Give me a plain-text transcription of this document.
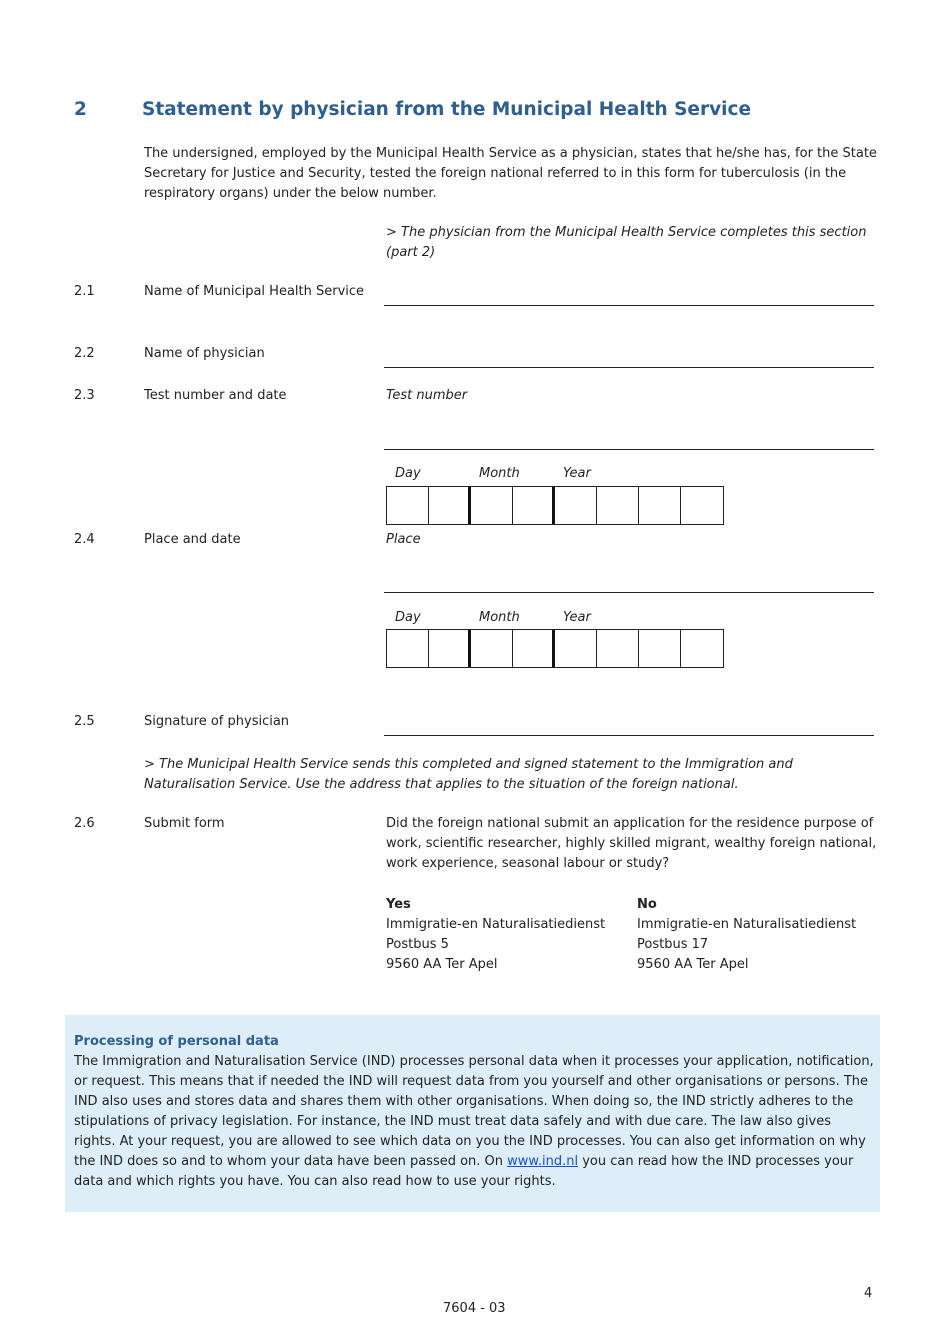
2	Statement by physician from the Municipal Health Service
The undersigned, employed by the Municipal Health Service as a physician, states that he/she has, for the State Secretary for Justice and Security, tested the foreign national referred to in this form for tuberculosis (in the respiratory organs) under the below number.
> The physician from the Municipal Health Service completes this section (part 2)
2.1	Name of Municipal Health Service
2.2	Name of physician
2.3	Test number and date	Test number
Day	Month	Year
2.4	Place and date	Place
Day	Month	Year
2.5	Signature of physician
> The Municipal Health Service sends this completed and signed statement to the Immigration and Naturalisation Service. Use the address that applies to the situation of the foreign national.
2.6	Submit form	Did the foreign national submit an application for the residence purpose of work, scientific researcher, highly skilled migrant, wealthy foreign national, work experience, seasonal labour or study?
Yes
Immigratie-en Naturalisatiedienst
Postbus 5
9560 AA Ter Apel
No
Immigratie-en Naturalisatiedienst
Postbus 17
9560 AA Ter Apel
Processing of personal data
The Immigration and Naturalisation Service (IND) processes personal data when it processes your application, notification, or request. This means that if needed the IND will request data from you yourself and other organisations or persons. The IND also uses and stores data and shares them with other organisations. When doing so, the IND strictly adheres to the stipulations of privacy legislation. For instance, the IND must treat data safely and with due care. The law also gives rights. At your request, you are allowed to see which data on you the IND processes. You can also get information on why the IND does so and to whom your data have been passed on. On www.ind.nl you can read how the IND processes your data and which rights you have. You can also read how to use your rights.
4
7604 - 03
